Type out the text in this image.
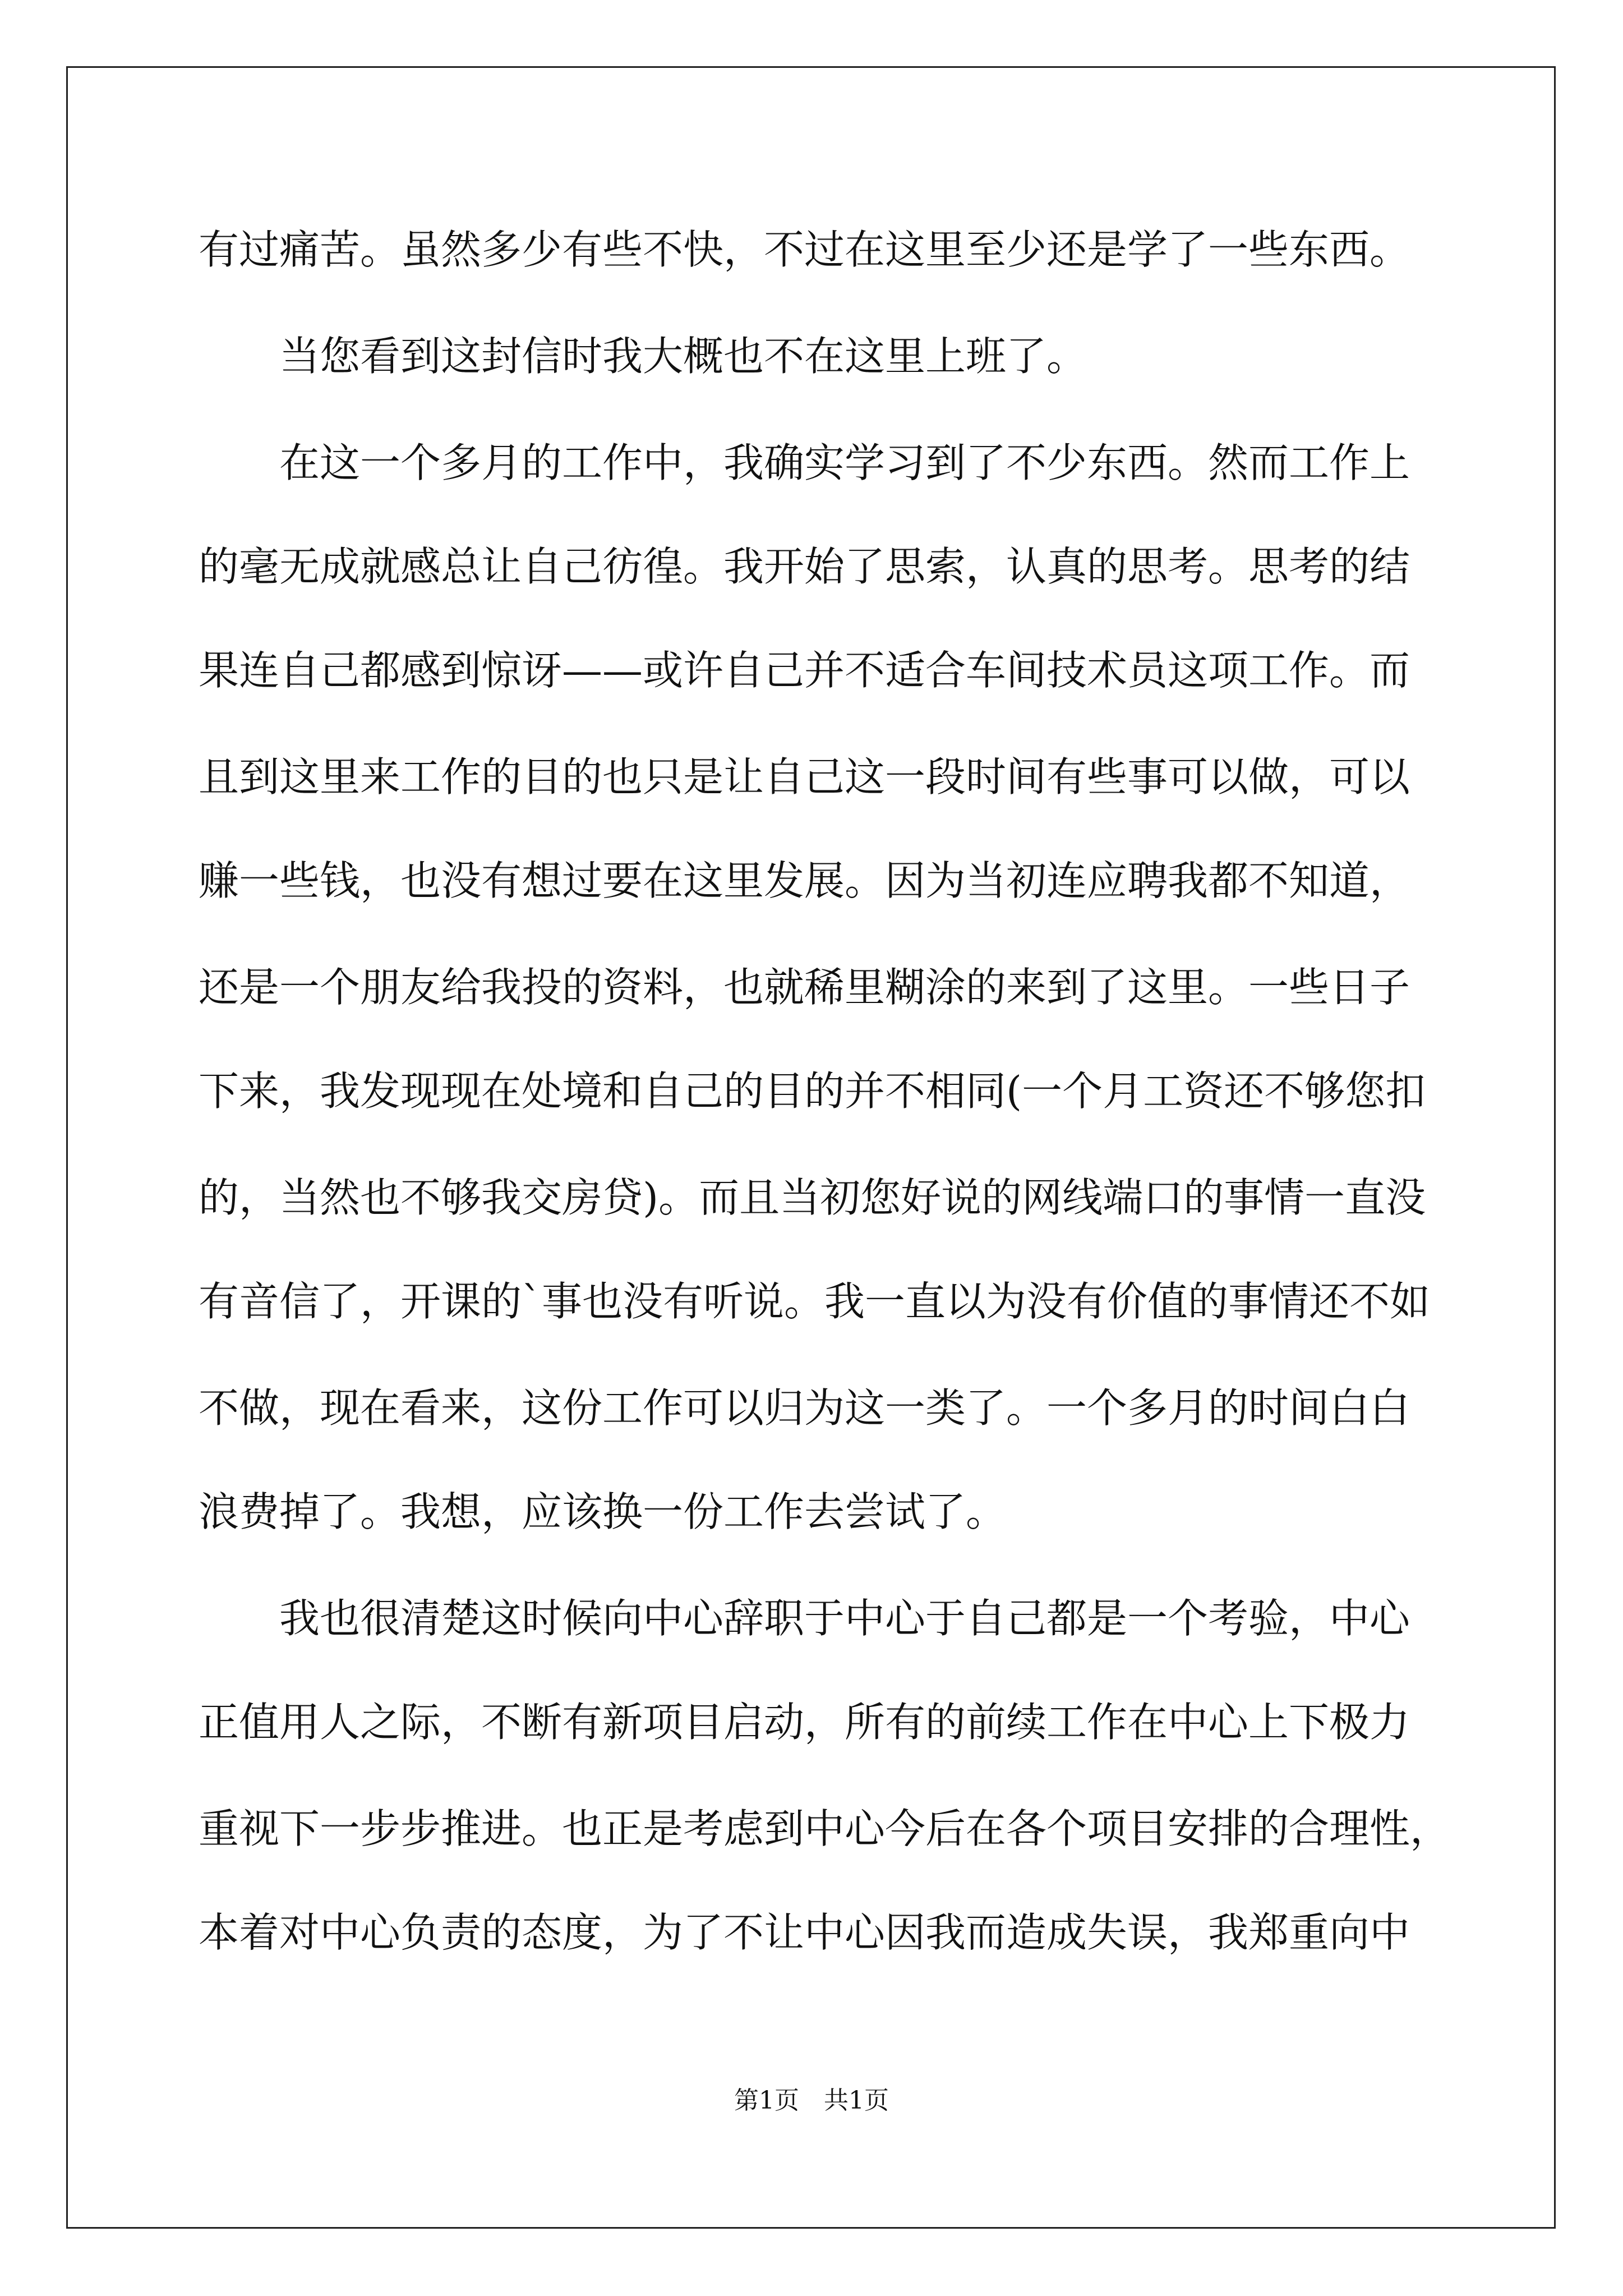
有过痛苦。虽然多少有些不快，不过在这里至少还是学了一些东西。
　　当您看到这封信时我大概也不在这里上班了。
　　在这一个多月的工作中，我确实学习到了不少东西。然而工作上
的毫无成就感总让自己彷徨。我开始了思索，认真的思考。思考的结
果连自己都感到惊讶——或许自己并不适合车间技术员这项工作。而
且到这里来工作的目的也只是让自己这一段时间有些事可以做，可以
赚一些钱，也没有想过要在这里发展。因为当初连应聘我都不知道，
还是一个朋友给我投的资料，也就稀里糊涂的来到了这里。一些日子
下来，我发现现在处境和自己的目的并不相同(一个月工资还不够您扣
的，当然也不够我交房贷)。而且当初您好说的网线端口的事情一直没
有音信了，开课的`事也没有听说。我一直以为没有价值的事情还不如
不做，现在看来，这份工作可以归为这一类了。一个多月的时间白白
浪费掉了。我想，应该换一份工作去尝试了。
　　我也很清楚这时候向中心辞职于中心于自己都是一个考验，中心
正值用人之际，不断有新项目启动，所有的前续工作在中心上下极力
重视下一步步推进。也正是考虑到中心今后在各个项目安排的合理性，
本着对中心负责的态度，为了不让中心因我而造成失误，我郑重向中
第1页　共1页
